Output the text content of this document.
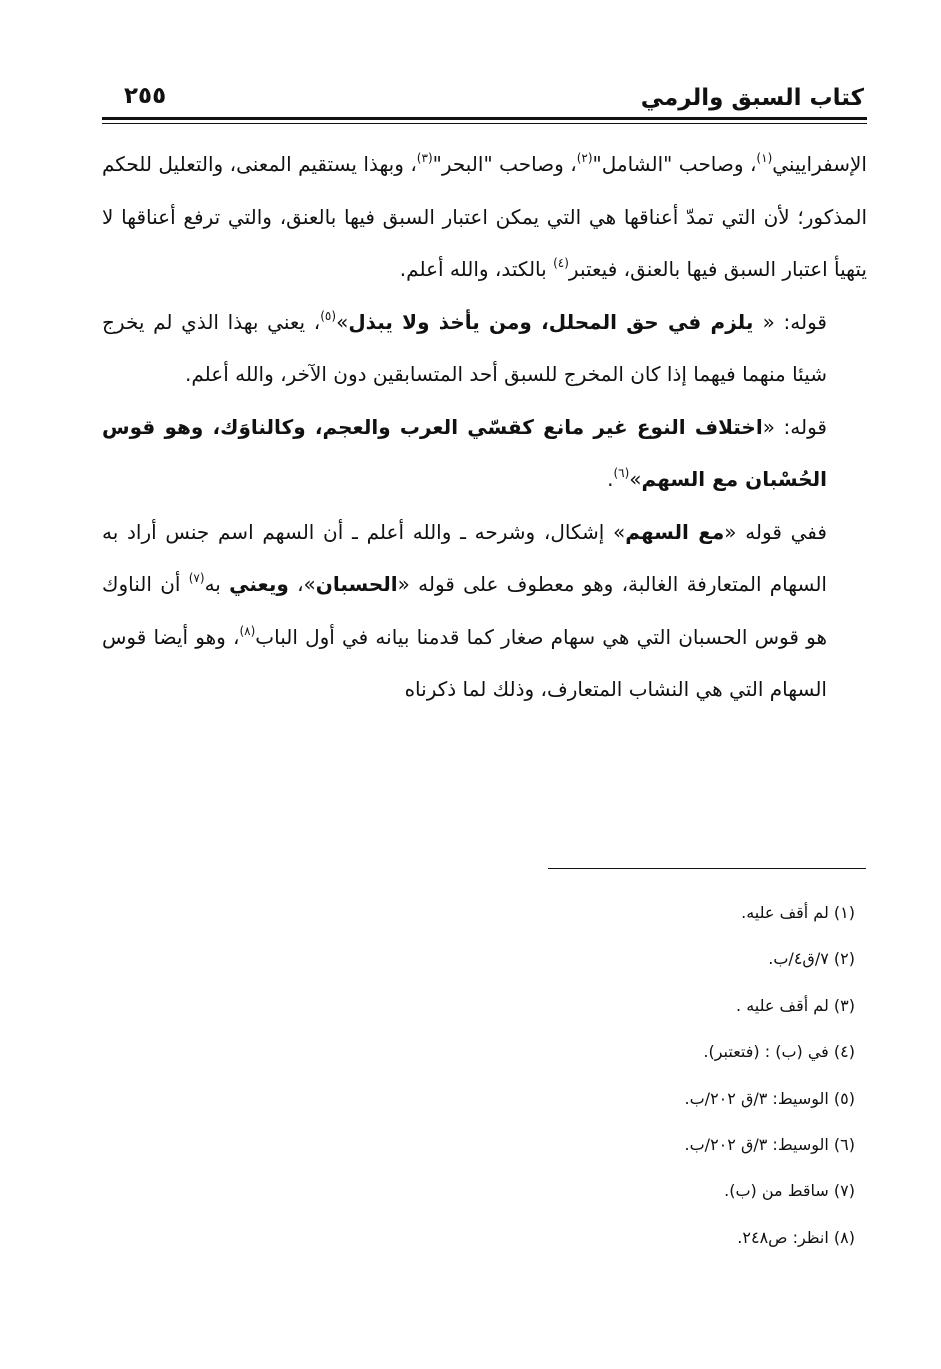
كتاب السبق والرمي
٢٥٥

الإسفراييني$^{(١)}$، وصاحب "الشامل"$^{(٢)}$، وصاحب "البحر"$^{(٣)}$، وبهذا يستقيم المعنى، والتعليل للحكم المذكور؛ لأن التي تمدّ أعناقها هي التي يمكن اعتبار السبق فيها بالعنق، والتي ترفع أعناقها لا يتهيأ اعتبار السبق فيها بالعنق، فيعتبر$^{(٤)}$ بالكتد، والله أعلم.

قوله: « يلزم في حق المحلل، ومن يأخذ ولا يبذل»$^{(٥)}$، يعني بهذا الذي لم يخرج شيئا منهما فيهما إذا كان المخرج للسبق أحد المتسابقين دون الآخر، والله أعلم.

قوله: «اختلاف النوع غير مانع كقسّي العرب والعجم، وكالناوَك، وهو قوس الحُسْبان مع السهم»$^{(٦)}$.

ففي قوله «مع السهم» إشكال، وشرحه ـ والله أعلم ـ أن السهم اسم جنس أراد به السهام المتعارفة الغالبة، وهو معطوف على قوله «الحسبان»، ويعني به$^{(٧)}$ أن الناوك هو قوس الحسبان التي هي سهام صغار كما قدمنا بيانه في أول الباب$^{(٨)}$، وهو أيضا قوس السهام التي هي النشاب المتعارف، وذلك لما ذكرناه

(١) لم أقف عليه.
(٢) ٧/ق٤/ب.
(٣) لم أقف عليه .
(٤) في (ب) : (فتعتبر).
(٥) الوسيط: ٣/ق ٢٠٢/ب.
(٦) الوسيط: ٣/ق ٢٠٢/ب.
(٧) ساقط من (ب).
(٨) انظر: ص٢٤٨.
